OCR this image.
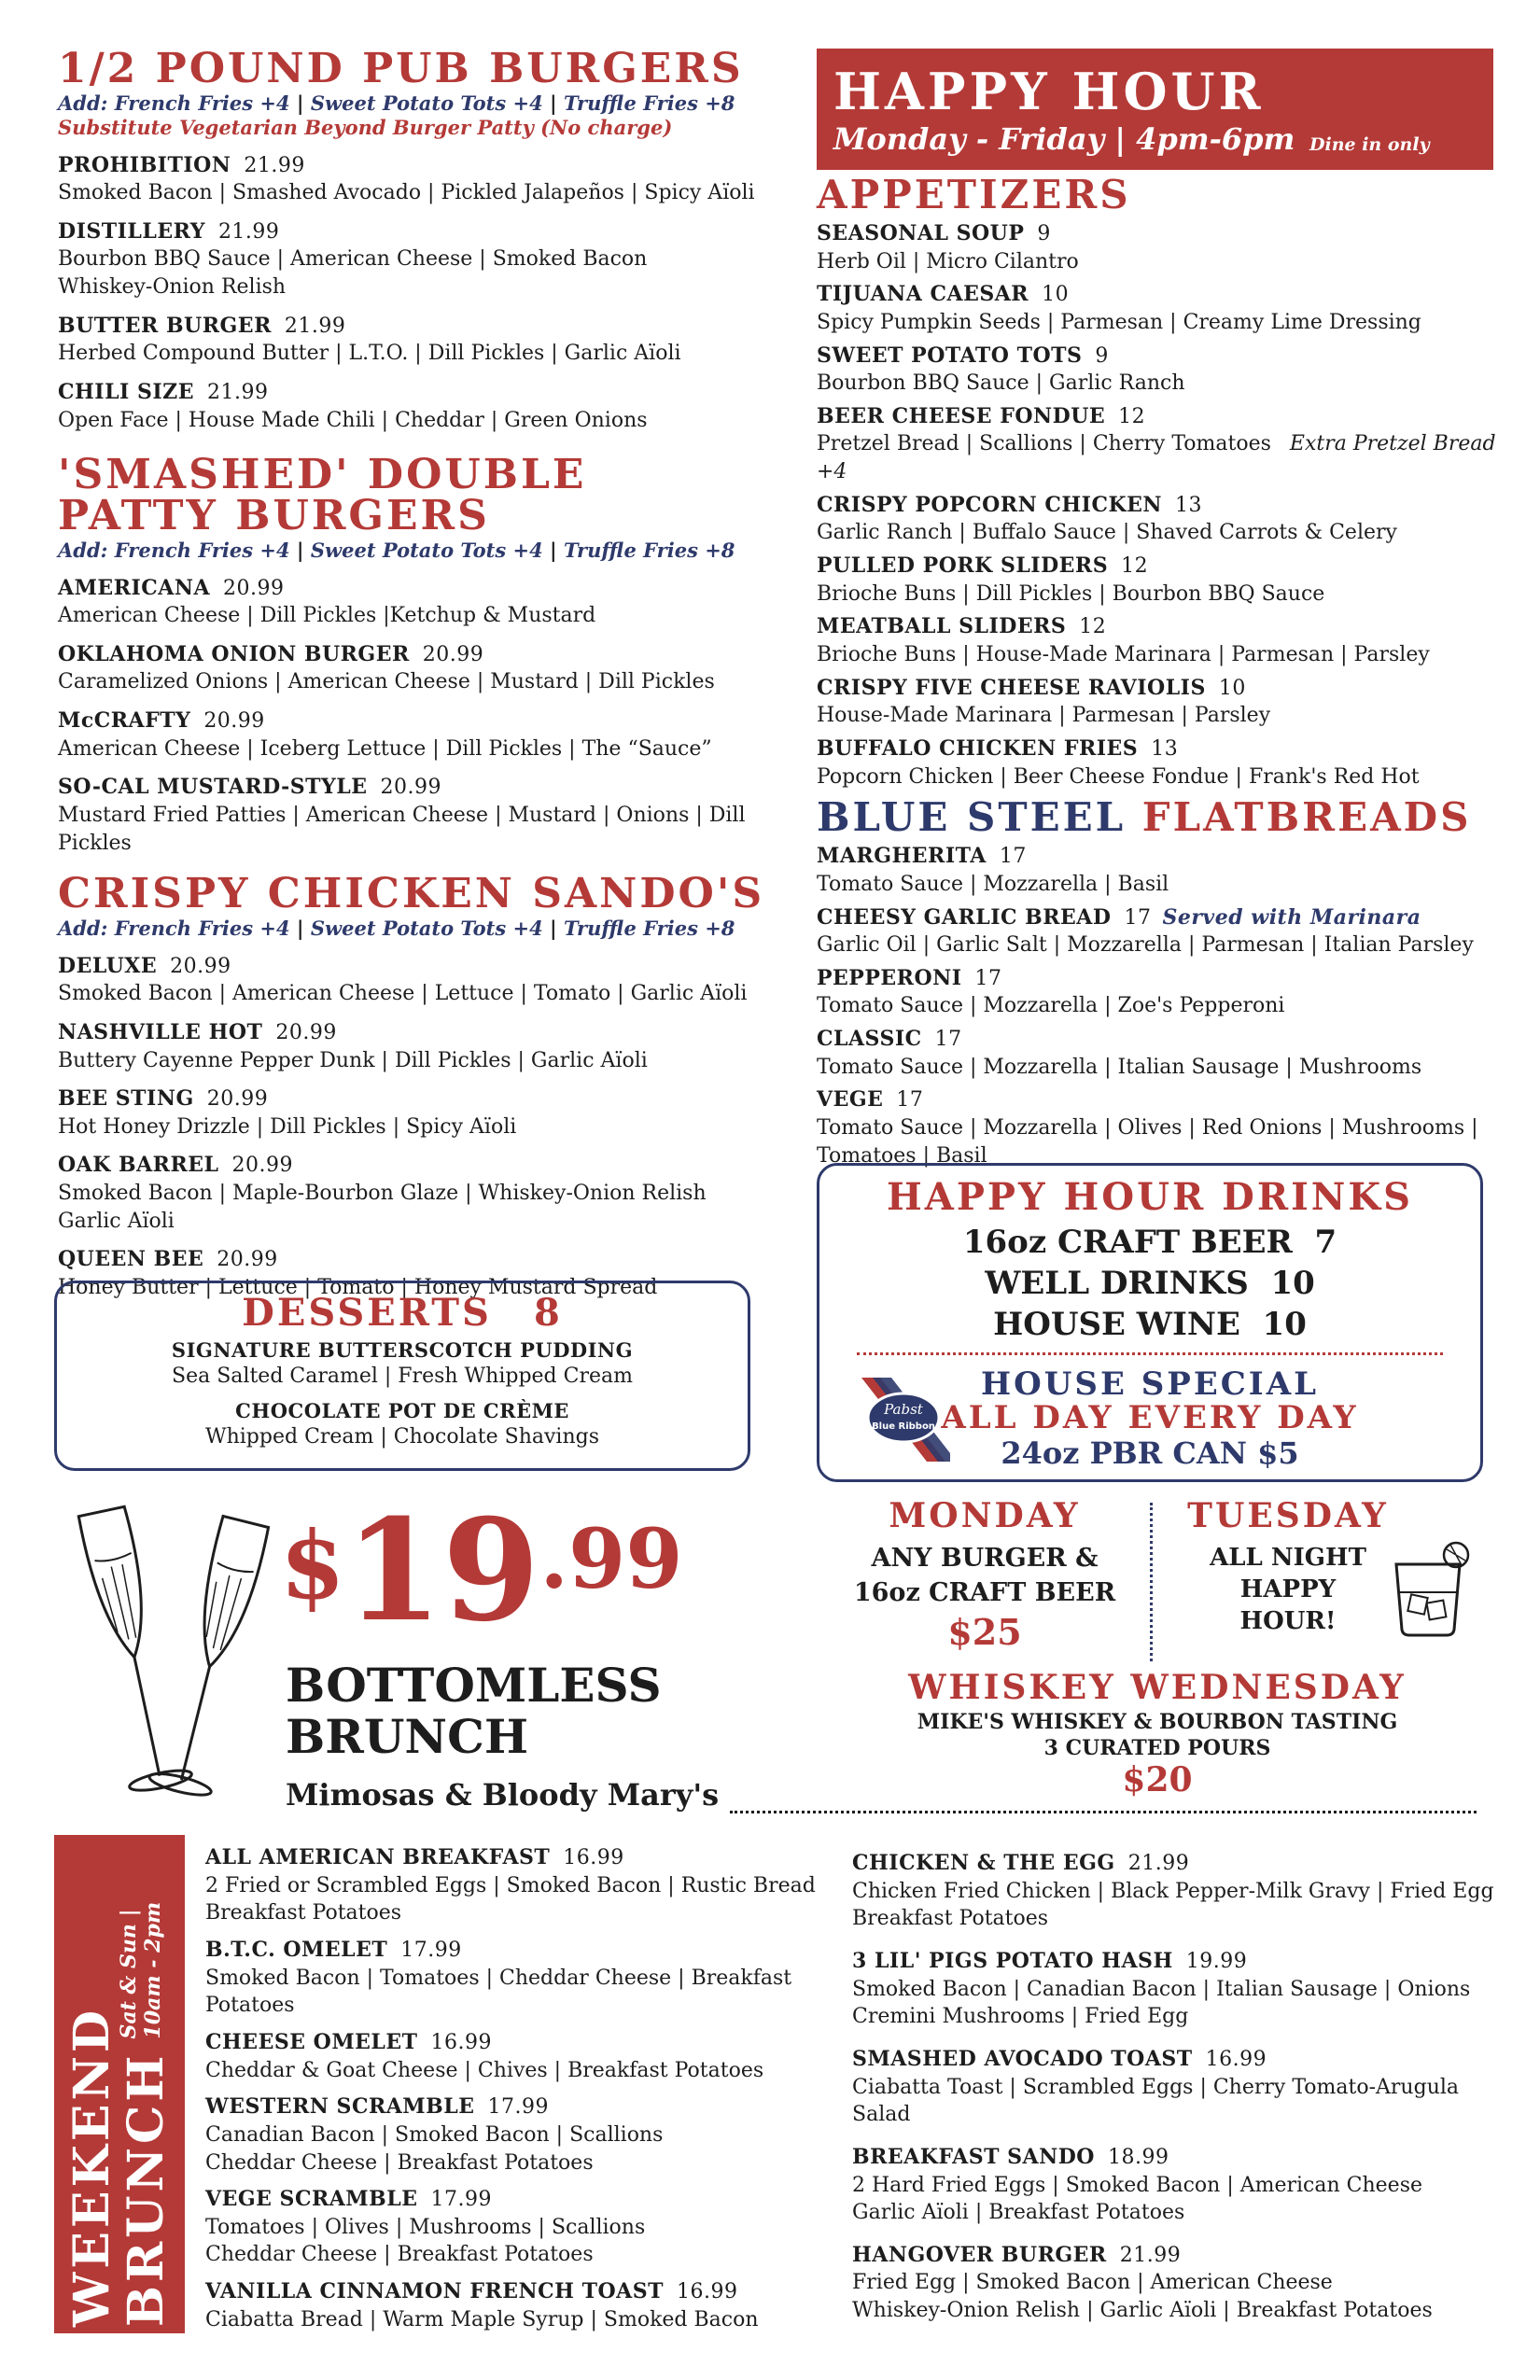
1/2 POUND PUB BURGERS
Add: French Fries +4 | Sweet Potato Tots +4 | Truffle Fries +8
Substitute Vegetarian Beyond Burger Patty (No charge)
PROHIBITION 21.99
Smoked Bacon | Smashed Avocado | Pickled Jalapeños | Spicy Aïoli
DISTILLERY 21.99
Bourbon BBQ Sauce | American Cheese | Smoked Bacon
Whiskey-Onion Relish
BUTTER BURGER 21.99
Herbed Compound Butter | L.T.O. | Dill Pickles | Garlic Aïoli
CHILI SIZE 21.99
Open Face | House Made Chili | Cheddar | Green Onions
'SMASHED' DOUBLE
PATTY BURGERS
Add: French Fries +4 | Sweet Potato Tots +4 | Truffle Fries +8
AMERICANA 20.99
American Cheese | Dill Pickles |Ketchup & Mustard
OKLAHOMA ONION BURGER 20.99
Caramelized Onions | American Cheese | Mustard | Dill Pickles
McCRAFTY 20.99
American Cheese | Iceberg Lettuce | Dill Pickles | The “Sauce”
SO-CAL MUSTARD-STYLE 20.99
Mustard Fried Patties | American Cheese | Mustard | Onions | Dill Pickles
CRISPY CHICKEN SANDO'S
Add: French Fries +4 | Sweet Potato Tots +4 | Truffle Fries +8
DELUXE 20.99
Smoked Bacon | American Cheese | Lettuce | Tomato | Garlic Aïoli
NASHVILLE HOT 20.99
Buttery Cayenne Pepper Dunk | Dill Pickles | Garlic Aïoli
BEE STING 20.99
Hot Honey Drizzle | Dill Pickles | Spicy Aïoli
OAK BARREL 20.99
Smoked Bacon | Maple-Bourbon Glaze | Whiskey-Onion Relish
Garlic Aïoli
QUEEN BEE 20.99
Honey Butter | Lettuce | Tomato | Honey Mustard Spread
DESSERTS 8
SIGNATURE BUTTERSCOTCH PUDDING
Sea Salted Caramel | Fresh Whipped Cream
CHOCOLATE POT DE CRÈME
Whipped Cream | Chocolate Shavings
HAPPY HOUR
Monday - Friday | 4pm-6pm Dine in only
APPETIZERS
SEASONAL SOUP 9
Herb Oil | Micro Cilantro
TIJUANA CAESAR 10
Spicy Pumpkin Seeds | Parmesan | Creamy Lime Dressing
SWEET POTATO TOTS 9
Bourbon BBQ Sauce | Garlic Ranch
BEER CHEESE FONDUE 12
Pretzel Bread | Scallions | Cherry Tomatoes Extra Pretzel Bread +4
CRISPY POPCORN CHICKEN 13
Garlic Ranch | Buffalo Sauce | Shaved Carrots & Celery
PULLED PORK SLIDERS 12
Brioche Buns | Dill Pickles | Bourbon BBQ Sauce
MEATBALL SLIDERS 12
Brioche Buns | House-Made Marinara | Parmesan | Parsley
CRISPY FIVE CHEESE RAVIOLIS 10
House-Made Marinara | Parmesan | Parsley
BUFFALO CHICKEN FRIES 13
Popcorn Chicken | Beer Cheese Fondue | Frank's Red Hot
BLUE STEEL FLATBREADS
MARGHERITA 17
Tomato Sauce | Mozzarella | Basil
CHEESY GARLIC BREAD 17 Served with Marinara
Garlic Oil | Garlic Salt | Mozzarella | Parmesan | Italian Parsley
PEPPERONI 17
Tomato Sauce | Mozzarella | Zoe's Pepperoni
CLASSIC 17
Tomato Sauce | Mozzarella | Italian Sausage | Mushrooms
VEGE 17
Tomato Sauce | Mozzarella | Olives | Red Onions | Mushrooms |
Tomatoes | Basil
HAPPY HOUR DRINKS
16oz CRAFT BEER  7
WELL DRINKS  10
HOUSE WINE  10
Pabst
Blue Ribbon
HOUSE SPECIAL
ALL DAY EVERY DAY
24oz PBR CAN $5
MONDAY
ANY BURGER &
16oz CRAFT BEER
$25
TUESDAY
ALL NIGHT
HAPPY
HOUR!
WHISKEY WEDNESDAY
MIKE'S WHISKEY & BOURBON TASTING
3 CURATED POURS
$20
$19.99
BOTTOMLESS
BRUNCH
Mimosas & Bloody Mary's
WEEKEND
BRUNCH
Sat & Sun | 10am - 2pm
ALL AMERICAN BREAKFAST 16.99
2 Fried or Scrambled Eggs | Smoked Bacon | Rustic Bread
Breakfast Potatoes
B.T.C. OMELET 17.99
Smoked Bacon | Tomatoes | Cheddar Cheese | Breakfast Potatoes
CHEESE OMELET 16.99
Cheddar & Goat Cheese | Chives | Breakfast Potatoes
WESTERN SCRAMBLE 17.99
Canadian Bacon | Smoked Bacon | Scallions
Cheddar Cheese | Breakfast Potatoes
VEGE SCRAMBLE 17.99
Tomatoes | Olives | Mushrooms | Scallions
Cheddar Cheese | Breakfast Potatoes
VANILLA CINNAMON FRENCH TOAST 16.99
Ciabatta Bread | Warm Maple Syrup | Smoked Bacon
CHICKEN & THE EGG 21.99
Chicken Fried Chicken | Black Pepper-Milk Gravy | Fried Egg
Breakfast Potatoes
3 LIL' PIGS POTATO HASH 19.99
Smoked Bacon | Canadian Bacon | Italian Sausage | Onions
Cremini Mushrooms | Fried Egg
SMASHED AVOCADO TOAST 16.99
Ciabatta Toast | Scrambled Eggs | Cherry Tomato-Arugula Salad
BREAKFAST SANDO 18.99
2 Hard Fried Eggs | Smoked Bacon | American Cheese
Garlic Aïoli | Breakfast Potatoes
HANGOVER BURGER 21.99
Fried Egg | Smoked Bacon | American Cheese
Whiskey-Onion Relish | Garlic Aïoli | Breakfast Potatoes
